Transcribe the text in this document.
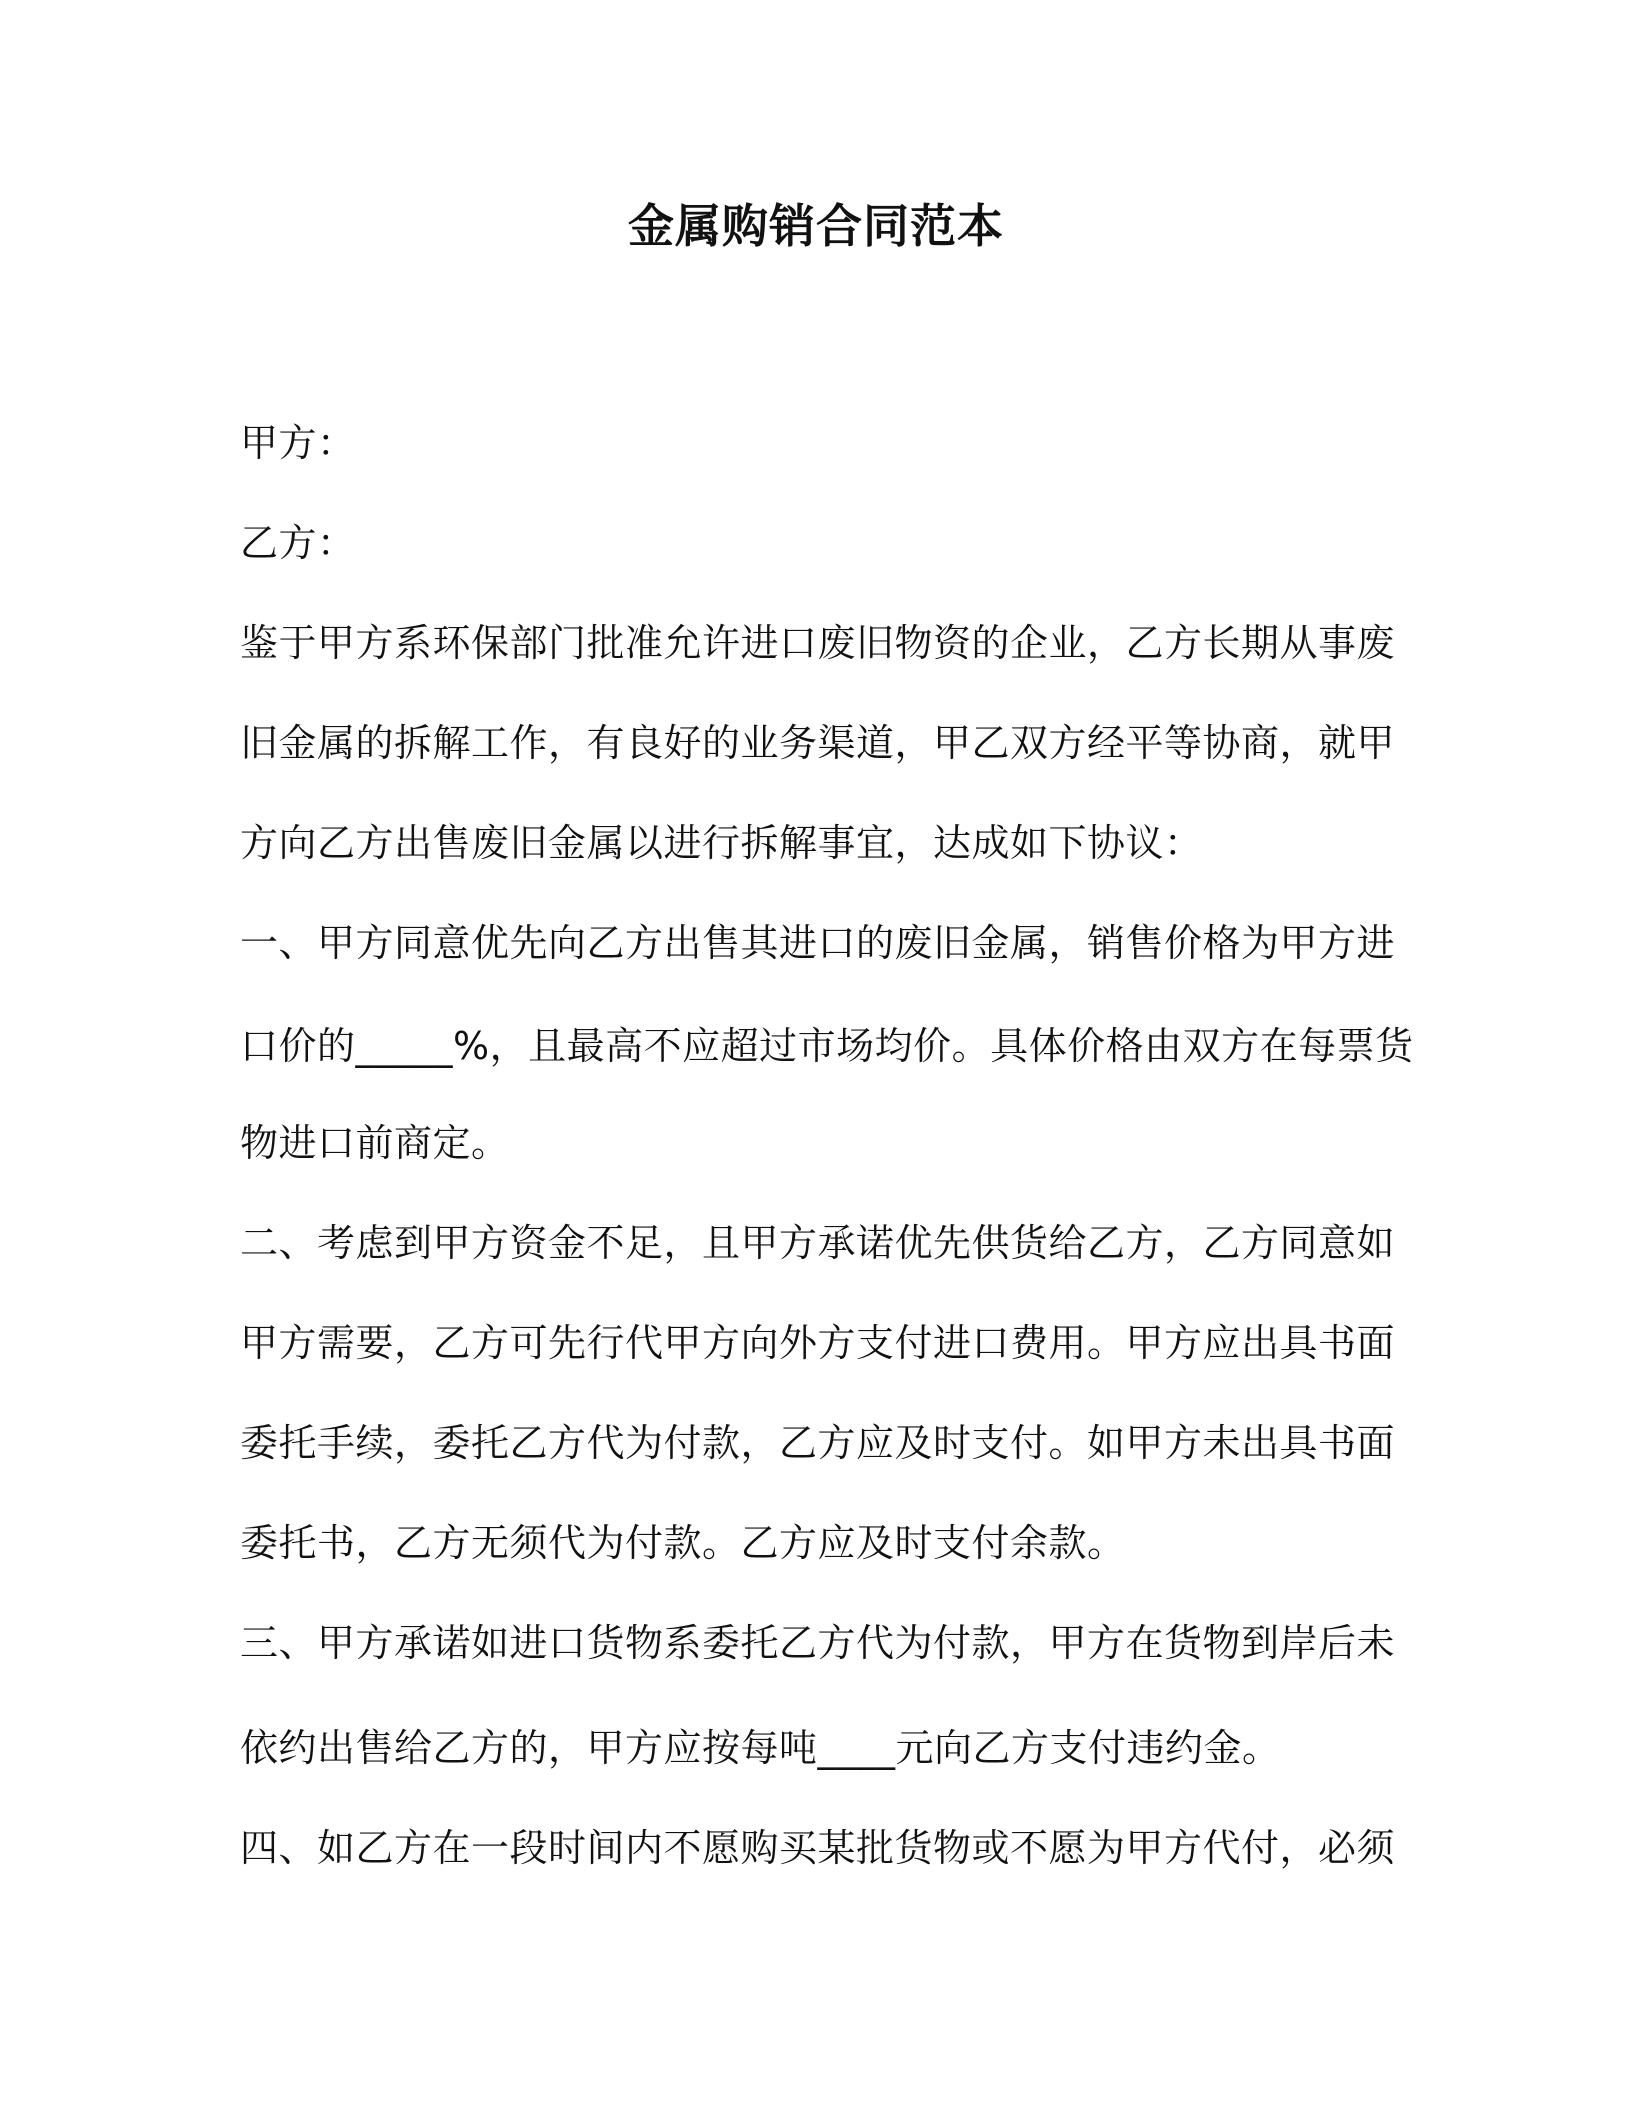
金属购销合同范本
甲方：
乙方：
鉴于甲方系环保部门批准允许进口废旧物资的企业，乙方长期从事废
旧金属的拆解工作，有良好的业务渠道，甲乙双方经平等协商，就甲
方向乙方出售废旧金属以进行拆解事宜，达成如下协议：
一、甲方同意优先向乙方出售其进口的废旧金属，销售价格为甲方进
口价的_____%，且最高不应超过市场均价。具体价格由双方在每票货
物进口前商定。
二、考虑到甲方资金不足，且甲方承诺优先供货给乙方，乙方同意如
甲方需要，乙方可先行代甲方向外方支付进口费用。甲方应出具书面
委托手续，委托乙方代为付款，乙方应及时支付。如甲方未出具书面
委托书，乙方无须代为付款。乙方应及时支付余款。
三、甲方承诺如进口货物系委托乙方代为付款，甲方在货物到岸后未
依约出售给乙方的，甲方应按每吨____元向乙方支付违约金。
四、如乙方在一段时间内不愿购买某批货物或不愿为甲方代付，必须
